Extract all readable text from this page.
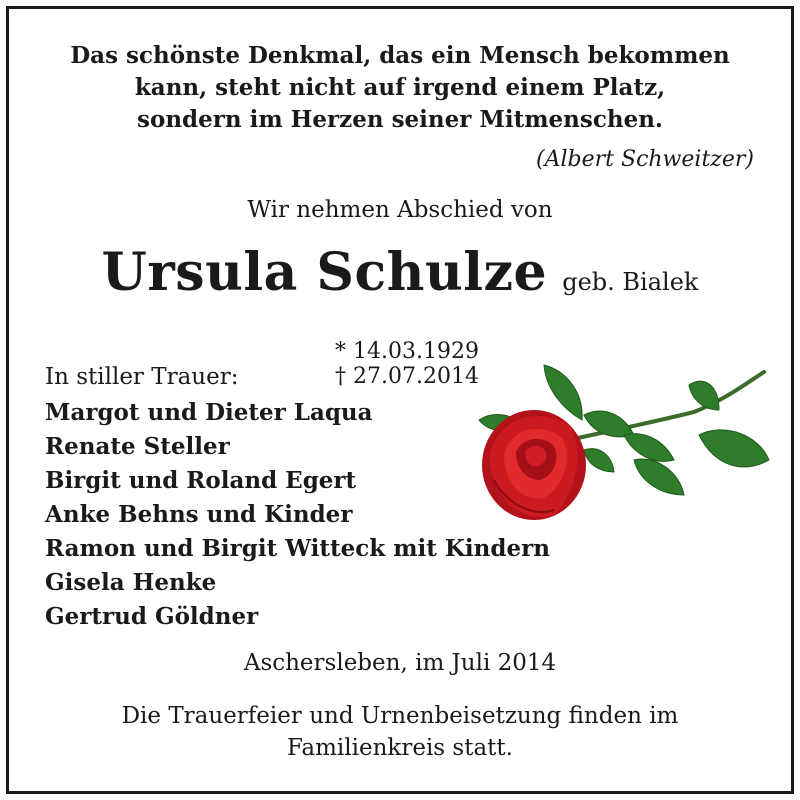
Das schönste Denkmal, das ein Mensch bekommen
kann, steht nicht auf irgend einem Platz,
sondern im Herzen seiner Mitmenschen.
(Albert Schweitzer)
Wir nehmen Abschied von
Ursula Schulze geb. Bialek

* 14.03.1929
† 27.07.2014

In stiller Trauer:
Margot und Dieter Laqua
Renate Steller
Birgit und Roland Egert
Anke Behns und Kinder
Ramon und Birgit Witteck mit Kindern
Gisela Henke
Gertrud Göldner
Aschersleben, im Juli 2014
Die Trauerfeier und Urnenbeisetzung finden im
Familienkreis statt.
